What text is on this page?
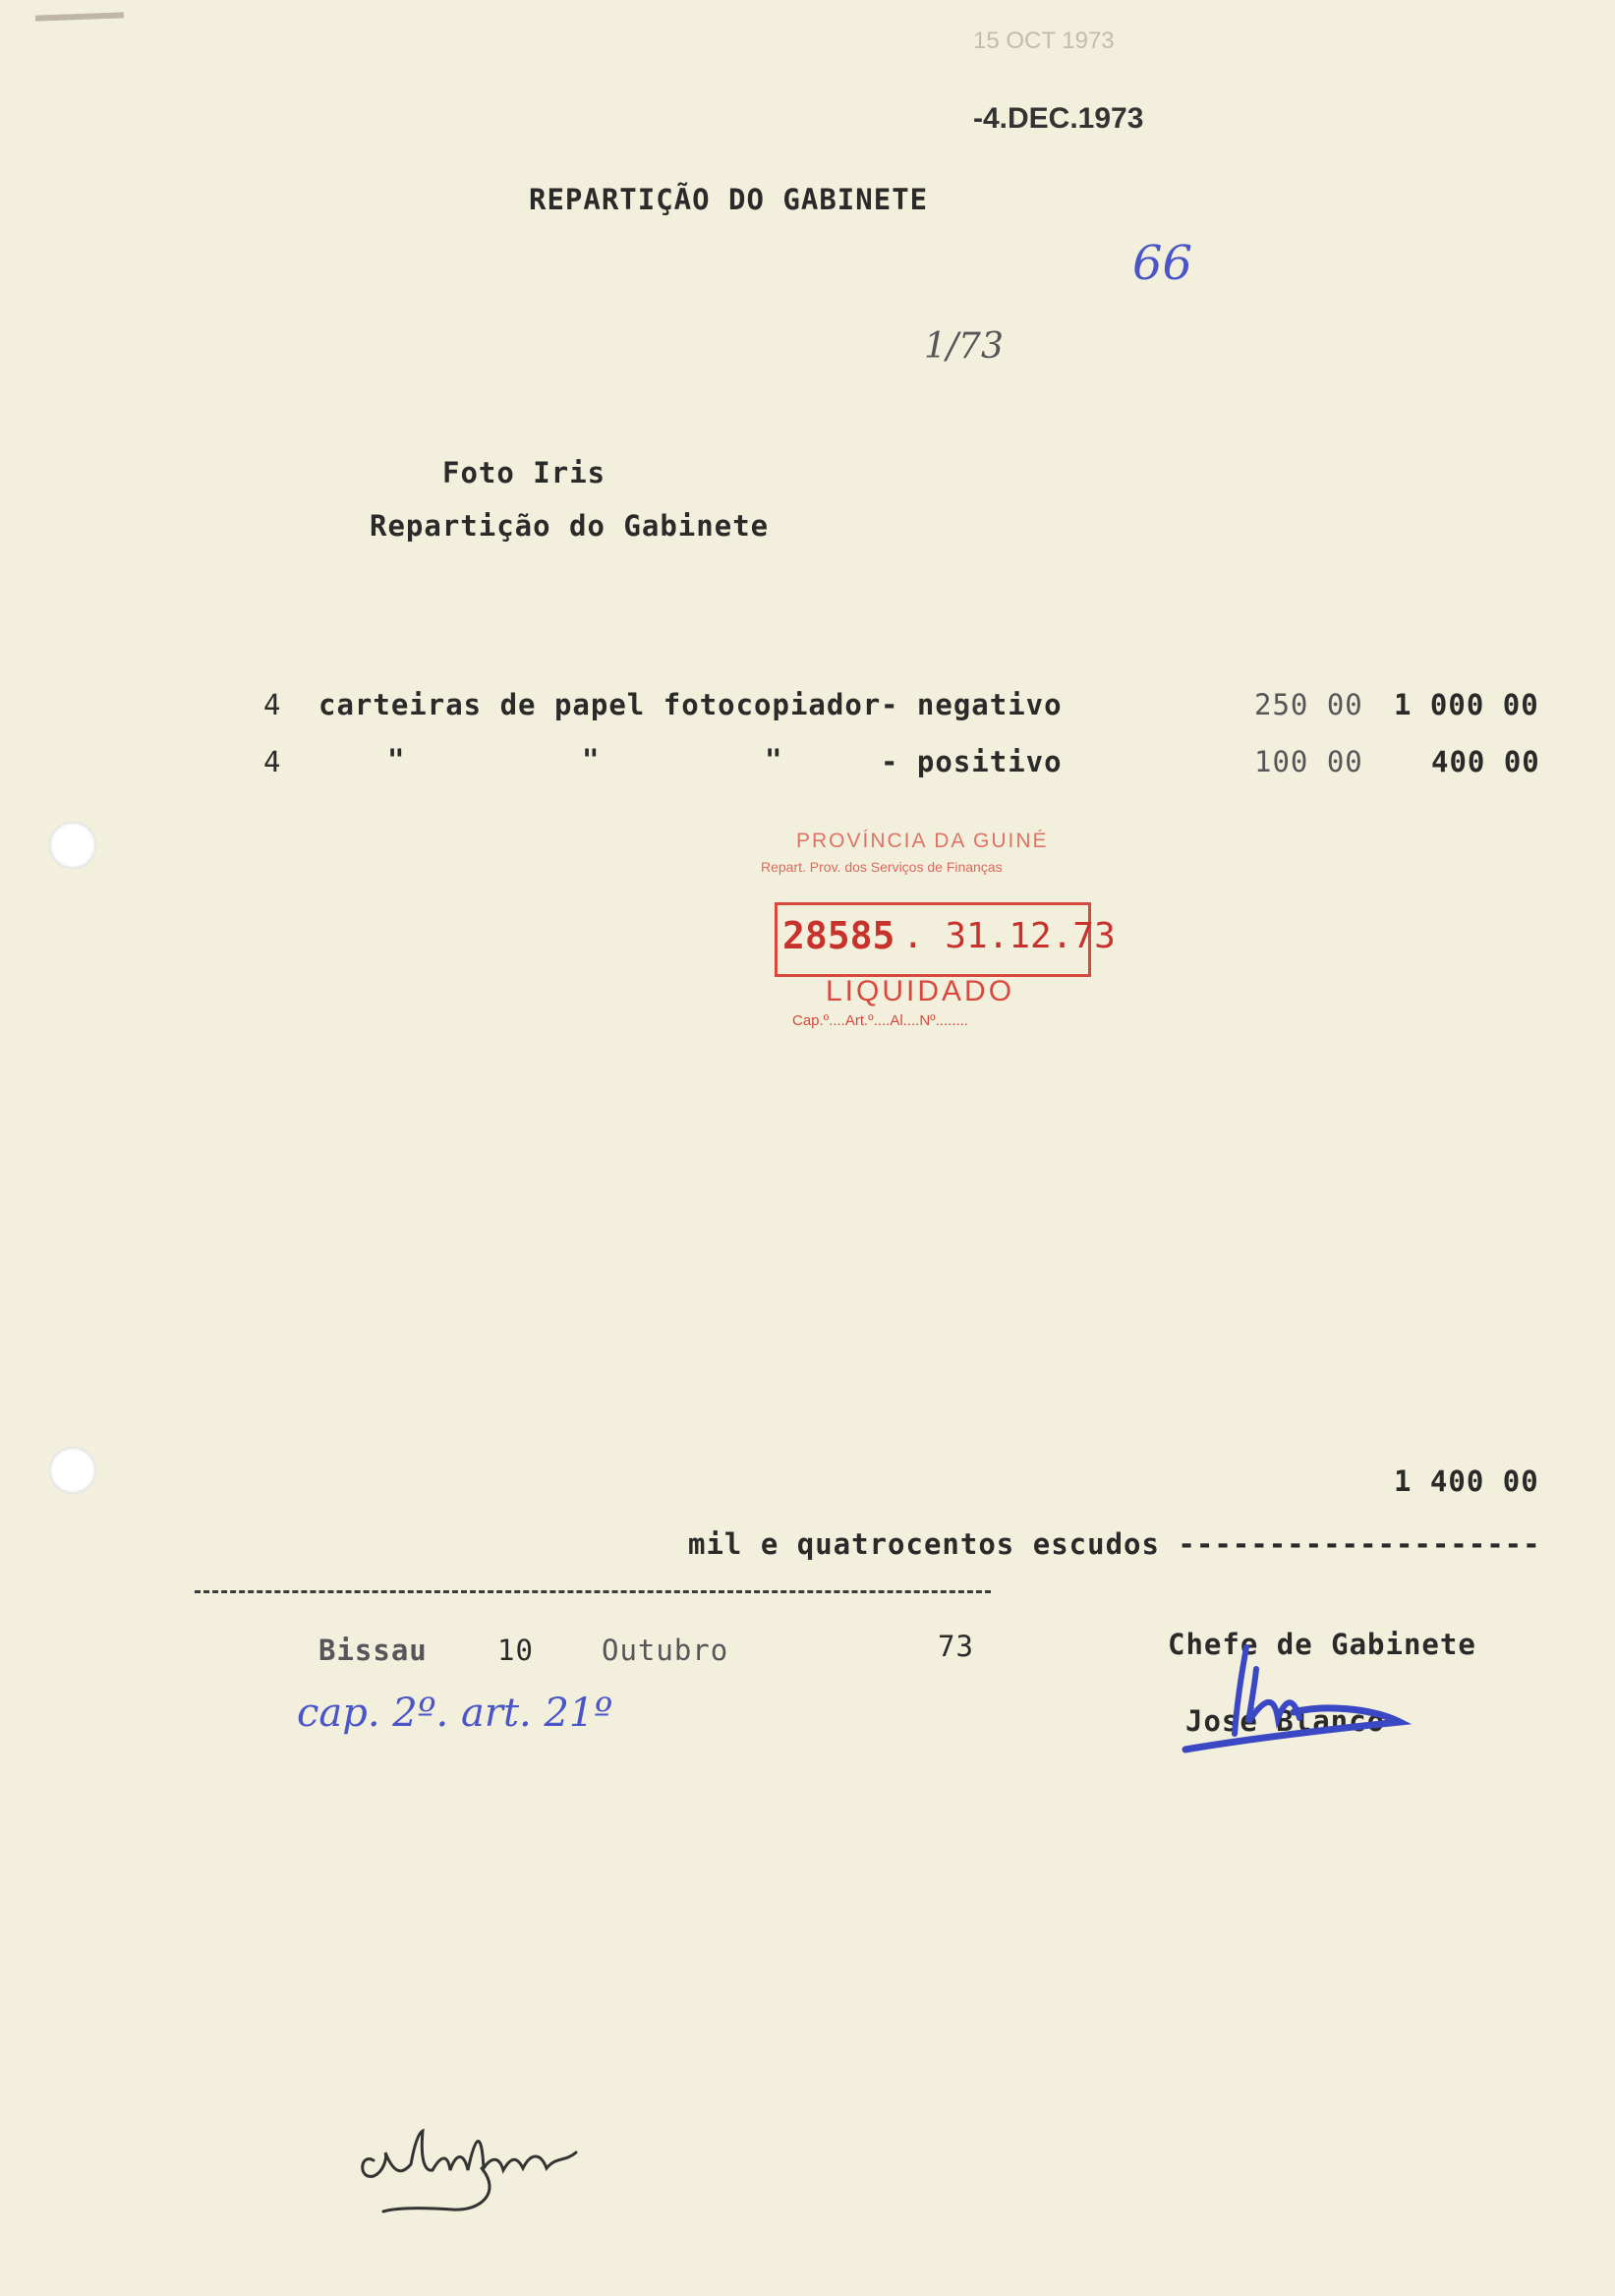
15 OCT 1973
-4.DEC.1973
REPARTIÇÃO DO GABINETE
66
1/73
Foto Iris
Repartição do Gabinete
4 carteiras de papel fotocopiador - negativo	250 00 1 000 00
4	"	"	"	- positivo	100 00 400 00
PROVÍNCIA DA GUINÉ
Repart. Prov. dos Serviços de Finanças
28585 . 31.12.73
LIQUIDADO
Cap.º....Art.º....Al....Nº........
1 400 00
mil e quatrocentos escudos --------------------
Bissau 10 Outubro	73	Chefe de Gabinete
José Blanco
cap. 2º. art. 21º
